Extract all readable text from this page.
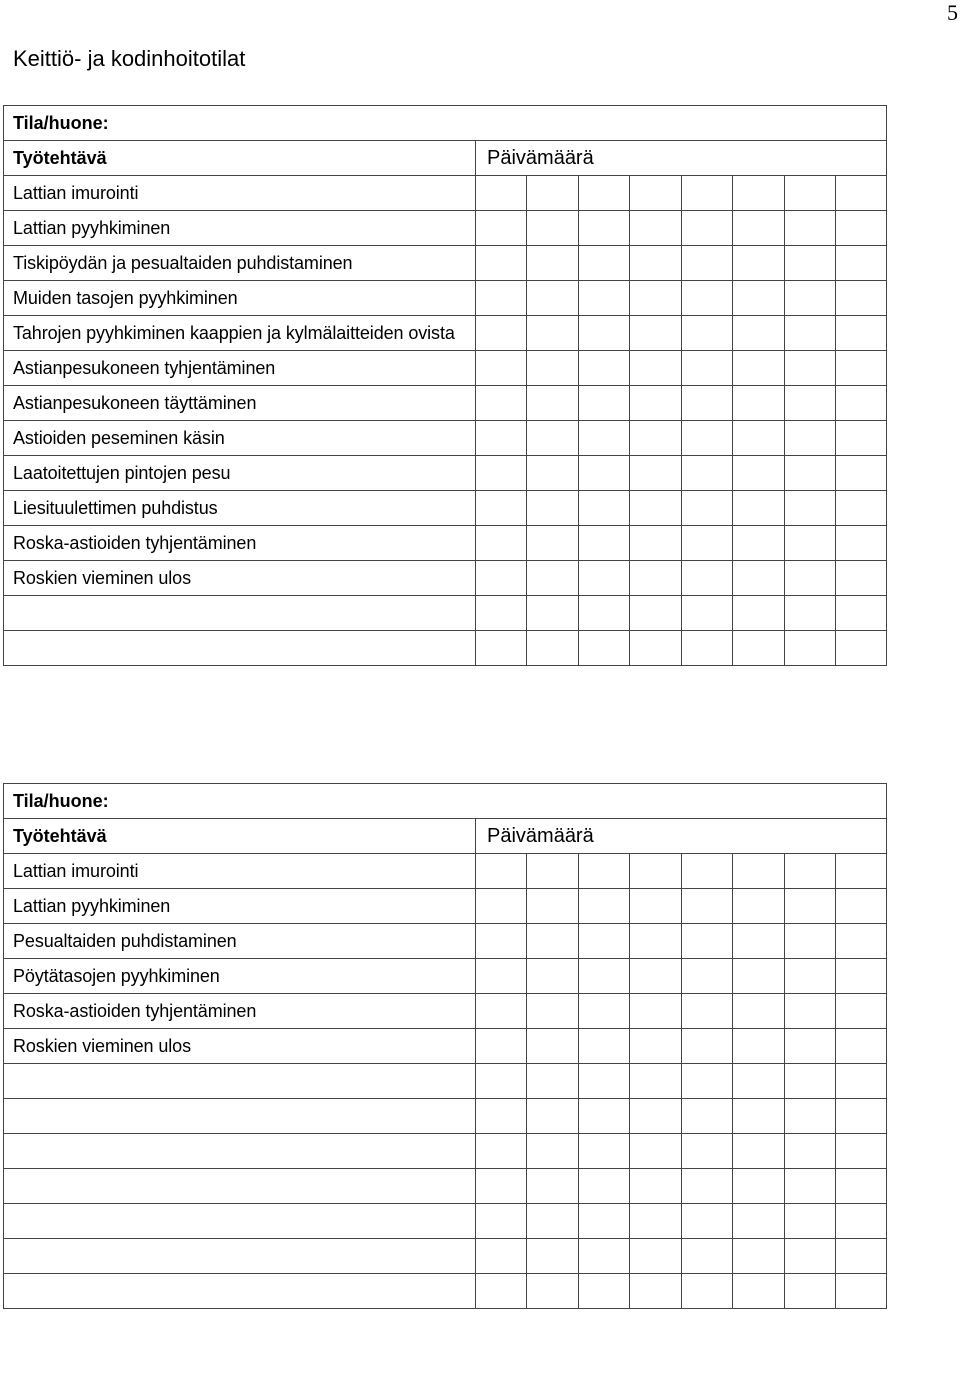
5
Keittiö- ja kodinhoitotilat
Tila/huone:								
Työtehtävä	Päivämäärä							
Lattian imurointi								
Lattian pyyhkiminen								
Tiskipöydän ja pesualtaiden puhdistaminen								
Muiden tasojen pyyhkiminen								
Tahrojen pyyhkiminen kaappien ja kylmälaitteiden ovista								
Astianpesukoneen tyhjentäminen								
Astianpesukoneen täyttäminen								
Astioiden peseminen käsin								
Laatoitettujen pintojen pesu								
Liesituulettimen puhdistus								
Roska-astioiden tyhjentäminen								
Roskien vieminen ulos								

Tila/huone:								
Työtehtävä	Päivämäärä							
Lattian imurointi								
Lattian pyyhkiminen								
Pesualtaiden puhdistaminen								
Pöytätasojen pyyhkiminen								
Roska-astioiden tyhjentäminen								
Roskien vieminen ulos								
